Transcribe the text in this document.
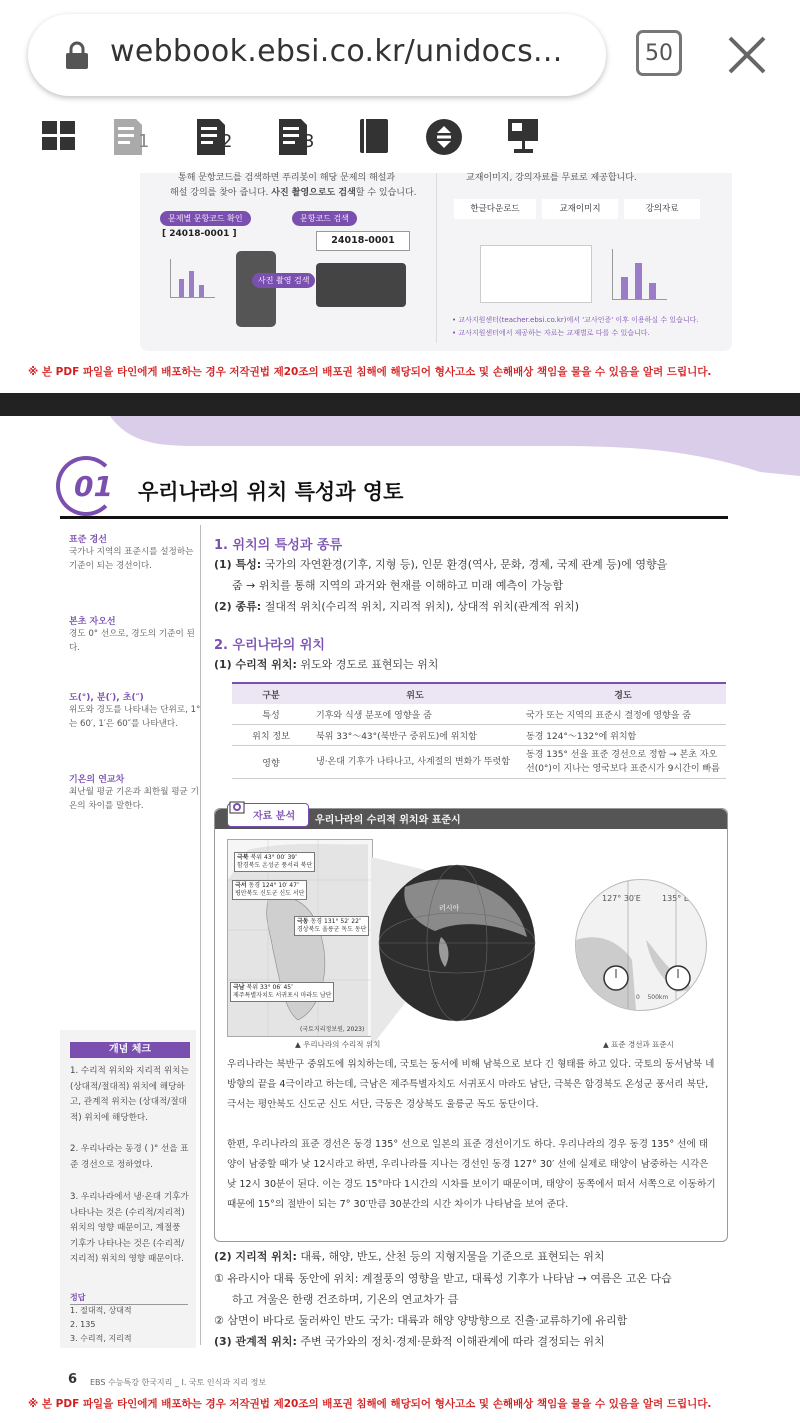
webbook.ebsi.co.kr/unidocs...	50
1	2	3
통해 문항코드를 검색하면 푸리봇이 해당 문제의 해설과
해설 강의를 찾아 줍니다. 사진 촬영으로도 검색할 수 있습니다.
문제별 문항코드 확인	문항코드 검색
[ 24018-0001 ]
24018-0001
사진 촬영 검색
교재이미지, 강의자료를 무료로 제공합니다.
한글다운로드	교재이미지	강의자료
• 교사지원센터(teacher.ebsi.co.kr)에서 '교사인증' 이후 이용하실 수 있습니다.
• 교사지원센터에서 제공하는 자료는 교재별로 다를 수 있습니다.
※ 본 PDF 파일을 타인에게 배포하는 경우 저작권법 제20조의 배포권 침해에 해당되어 형사고소 및 손해배상 책임을 물을 수 있음을 알려 드립니다.
01 우리나라의 위치 특성과 영토
표준 경선
국가나 지역의 표준시를 설정하는 기준이 되는 경선이다.
본초 자오선
경도 0° 선으로, 경도의 기준이 된다.
도(°), 분(′), 초(″)
위도와 경도를 나타내는 단위로, 1°는 60′, 1′은 60″를 나타낸다.
기온의 연교차
최난월 평균 기온과 최한월 평균 기온의 차이를 말한다.
1. 위치의 특성과 종류
(1) 특성: 국가의 자연환경(기후, 지형 등), 인문 환경(역사, 문화, 경제, 국제 관계 등)에 영향을
줌 → 위치를 통해 지역의 과거와 현재를 이해하고 미래 예측이 가능함
(2) 종류: 절대적 위치(수리적 위치, 지리적 위치), 상대적 위치(관계적 위치)
2. 우리나라의 위치
(1) 수리적 위치: 위도와 경도로 표현되는 위치
구분	위도	경도
특성	기후와 식생 분포에 영향을 줌	국가 또는 지역의 표준시 결정에 영향을 줌
위치 정보	북위 33°～43°(북반구 중위도)에 위치함	동경 124°～132°에 위치함
영향	냉·온대 기후가 나타나고, 사계절의 변화가 뚜렷함	동경 135° 선을 표준 경선으로 정함 → 본초 자오선(0°)이 지나는 영국보다 표준시가 9시간이 빠름
자료 분석 우리나라의 수리적 위치와 표준시
극북 북위 43° 00′ 39″
함경북도 온성군 풍서리 북단
극서 동경 124° 10′ 47″
평안북도 신도군 신도 서단
극동 동경 131° 52′ 22″
경상북도 울릉군 독도 동단
극남 북위 33° 06′ 45″
제주특별자치도 서귀포시 마라도 남단
(국토지리정보원, 2023)
러시아
127° 30′E	135° E
0    500km
▲ 우리나라의 수리적 위치	▲ 표준 경선과 표준시
우리나라는 북반구 중위도에 위치하는데, 국토는 동서에 비해 남북으로 보다 긴 형태를 하고 있다. 국토의 동서남북 네 방향의 끝을 4극이라고 하는데, 극남은 제주특별자치도 서귀포시 마라도 남단, 극북은 함경북도 온성군 풍서리 북단, 극서는 평안북도 신도군 신도 서단, 극동은 경상북도 울릉군 독도 동단이다.
한편, 우리나라의 표준 경선은 동경 135° 선으로 일본의 표준 경선이기도 하다. 우리나라의 경우 동경 135° 선에 태양이 남중할 때가 낮 12시라고 하면, 우리나라를 지나는 경선인 동경 127° 30′ 선에 실제로 태양이 남중하는 시각은 낮 12시 30분이 된다. 이는 경도 15°마다 1시간의 시차를 보이기 때문이며, 태양이 동쪽에서 떠서 서쪽으로 이동하기 때문에 15°의 절반이 되는 7° 30′만큼 30분간의 시간 차이가 나타남을 보여 준다.
개념 체크
1. 수리적 위치와 지리적 위치는 (상대적/절대적) 위치에 해당하고, 관계적 위치는 (상대적/절대적) 위치에 해당한다.
2. 우리나라는 동경 ( )° 선을 표준 경선으로 정하였다.
3. 우리나라에서 냉·온대 기후가 나타나는 것은 (수리적/지리적) 위치의 영향 때문이고, 계절풍 기후가 나타나는 것은 (수리적/지리적) 위치의 영향 때문이다.
정답
1. 절대적, 상대적
2. 135
3. 수리적, 지리적
(2) 지리적 위치: 대륙, 해양, 반도, 산천 등의 지형지물을 기준으로 표현되는 위치
① 유라시아 대륙 동안에 위치: 계절풍의 영향을 받고, 대륙성 기후가 나타남 → 여름은 고온 다습
하고 겨울은 한랭 건조하며, 기온의 연교차가 큼
② 삼면이 바다로 둘러싸인 반도 국가: 대륙과 해양 양방향으로 진출·교류하기에 유리함
(3) 관계적 위치: 주변 국가와의 정치·경제·문화적 이해관계에 따라 결정되는 위치
6 EBS 수능특강 한국지리 _ I. 국토 인식과 지리 정보
※ 본 PDF 파일을 타인에게 배포하는 경우 저작권법 제20조의 배포권 침해에 해당되어 형사고소 및 손해배상 책임을 물을 수 있음을 알려 드립니다.
